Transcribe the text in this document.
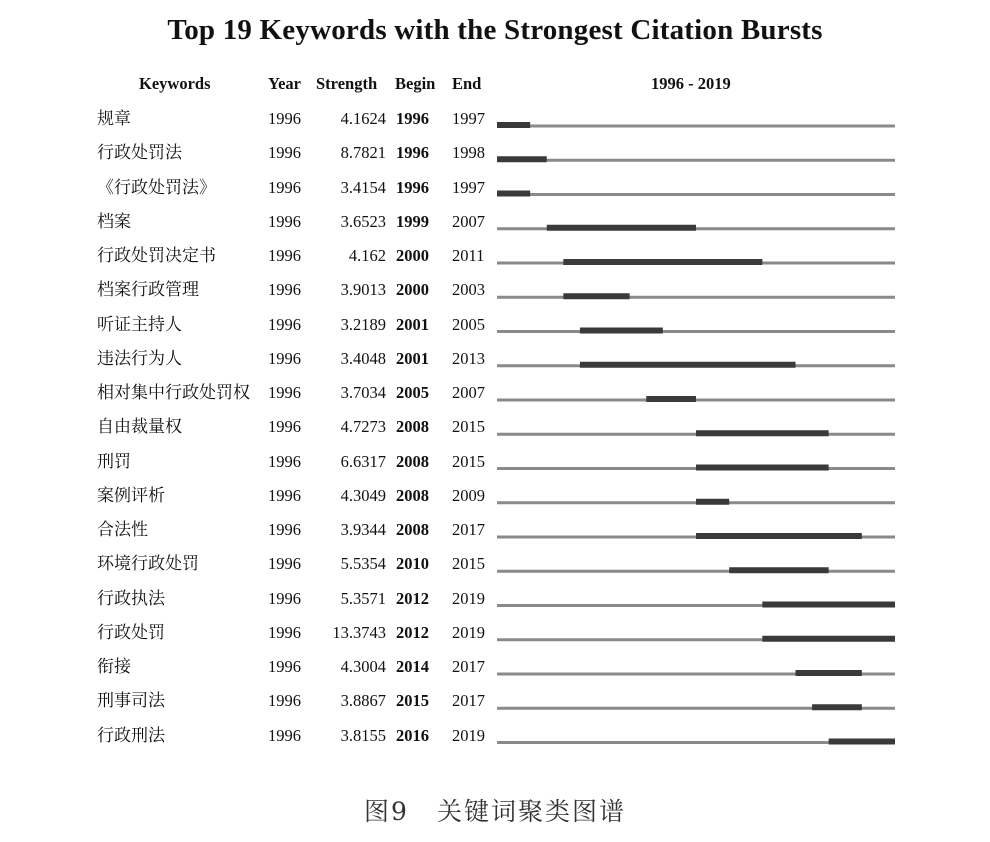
Top 19 Keywords with the Strongest Citation Bursts
Keywords	Year Strength Begin End	1996 - 2019
规章	1996	4.1624 1996 1997
行政处罚法	1996	8.7821 1996 1998
《行政处罚法》	1996	3.4154 1996 1997
档案	1996	3.6523 1999 2007
行政处罚决定书	1996	4.162 2000 2011
档案行政管理	1996	3.9013 2000 2003
听证主持人	1996	3.2189 2001 2005
违法行为人	1996	3.4048 2001 2013
相对集中行政处罚权 1996	3.7034 2005 2007
自由裁量权	1996	4.7273 2008 2015
刑罚	1996	6.6317 2008 2015
案例评析	1996	4.3049 2008 2009
合法性	1996	3.9344 2008 2017
环境行政处罚	1996	5.5354 2010 2015
行政执法	1996	5.3571 2012 2019
行政处罚	1996	13.3743 2012 2019
衔接	1996	4.3004 2014 2017
刑事司法	1996	3.8867 2015 2017
行政刑法	1996	3.8155 2016 2019
图9 关键词聚类图谱
